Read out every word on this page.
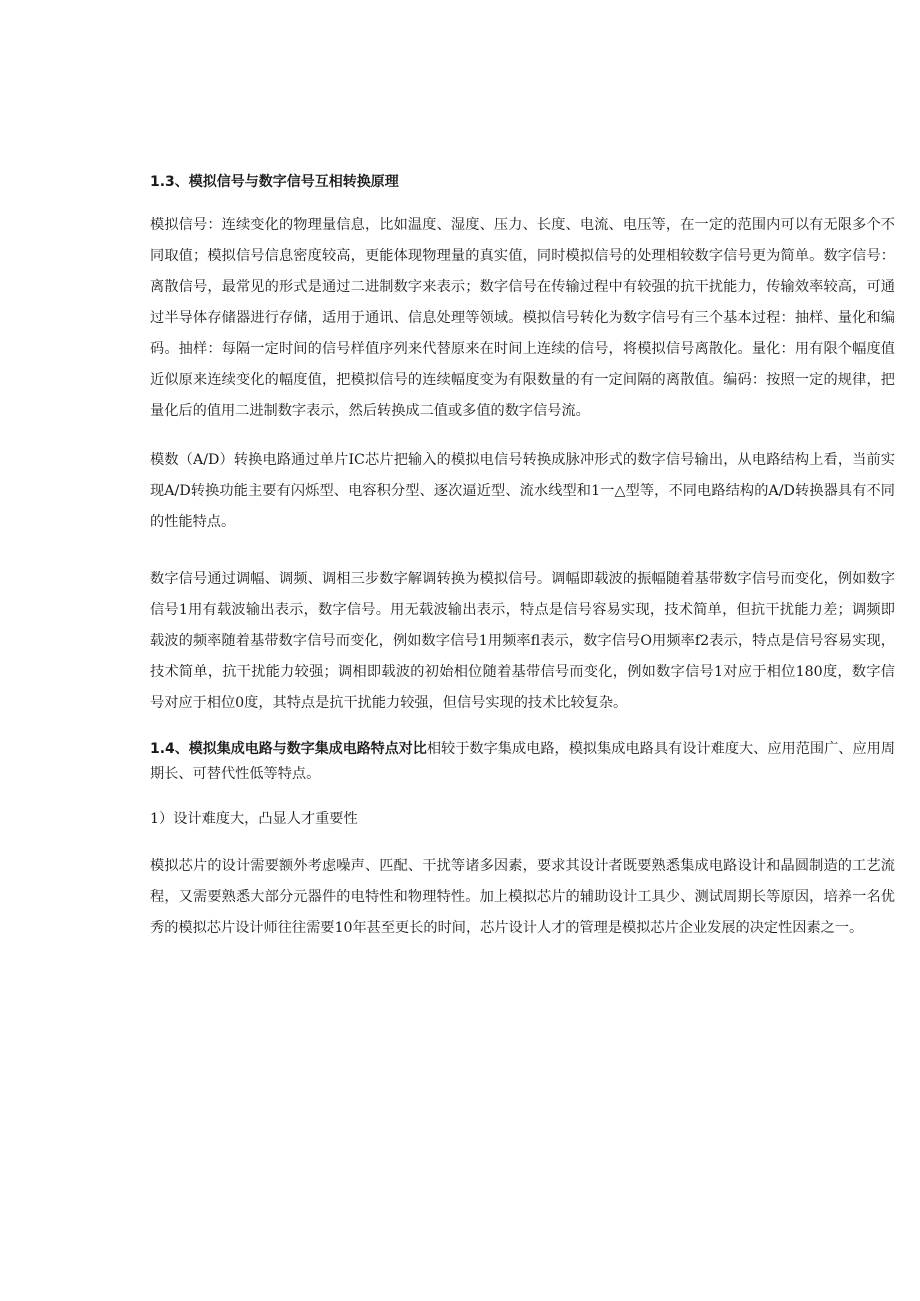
1.3、模拟信号与数字信号互相转换原理

模拟信号：连续变化的物理量信息，比如温度、湿度、压力、长度、电流、电压等，在一定的范围内可以有无限多个不同取值；模拟信号信息密度较高，更能体现物理量的真实值，同时模拟信号的处理相较数字信号更为简单。数字信号：离散信号，最常见的形式是通过二进制数字来表示；数字信号在传输过程中有较强的抗干扰能力，传输效率较高，可通过半导体存储器进行存储，适用于通讯、信息处理等领域。模拟信号转化为数字信号有三个基本过程：抽样、量化和编码。抽样：每隔一定时间的信号样值序列来代替原来在时间上连续的信号，将模拟信号离散化。量化：用有限个幅度值近似原来连续变化的幅度值，把模拟信号的连续幅度变为有限数量的有一定间隔的离散值。编码：按照一定的规律，把量化后的值用二进制数字表示，然后转换成二值或多值的数字信号流。

模数（A/D）转换电路通过单片IC芯片把输入的模拟电信号转换成脉冲形式的数字信号输出，从电路结构上看，当前实现A/D转换功能主要有闪烁型、电容积分型、逐次逼近型、流水线型和1一△型等，不同电路结构的A/D转换器具有不同的性能特点。

数字信号通过调幅、调频、调相三步数字解调转换为模拟信号。调幅即载波的振幅随着基带数字信号而变化，例如数字信号1用有载波输出表示，数字信号。用无载波输出表示，特点是信号容易实现，技术简单，但抗干扰能力差；调频即载波的频率随着基带数字信号而变化，例如数字信号1用频率fl表示，数字信号O用频率f2表示，特点是信号容易实现，技术简单，抗干扰能力较强；调相即载波的初始相位随着基带信号而变化，例如数字信号1对应于相位180度，数字信号对应于相位0度，其特点是抗干扰能力较强，但信号实现的技术比较复杂。

1.4、模拟集成电路与数字集成电路特点对比相较于数字集成电路，模拟集成电路具有设计难度大、应用范围广、应用周期长、可替代性低等特点。

1）设计难度大，凸显人才重要性

模拟芯片的设计需要额外考虑噪声、匹配、干扰等诸多因素，要求其设计者既要熟悉集成电路设计和晶圆制造的工艺流程，又需要熟悉大部分元器件的电特性和物理特性。加上模拟芯片的辅助设计工具少、测试周期长等原因，培养一名优秀的模拟芯片设计师往往需要10年甚至更长的时间，芯片设计人才的管理是模拟芯片企业发展的决定性因素之一。
